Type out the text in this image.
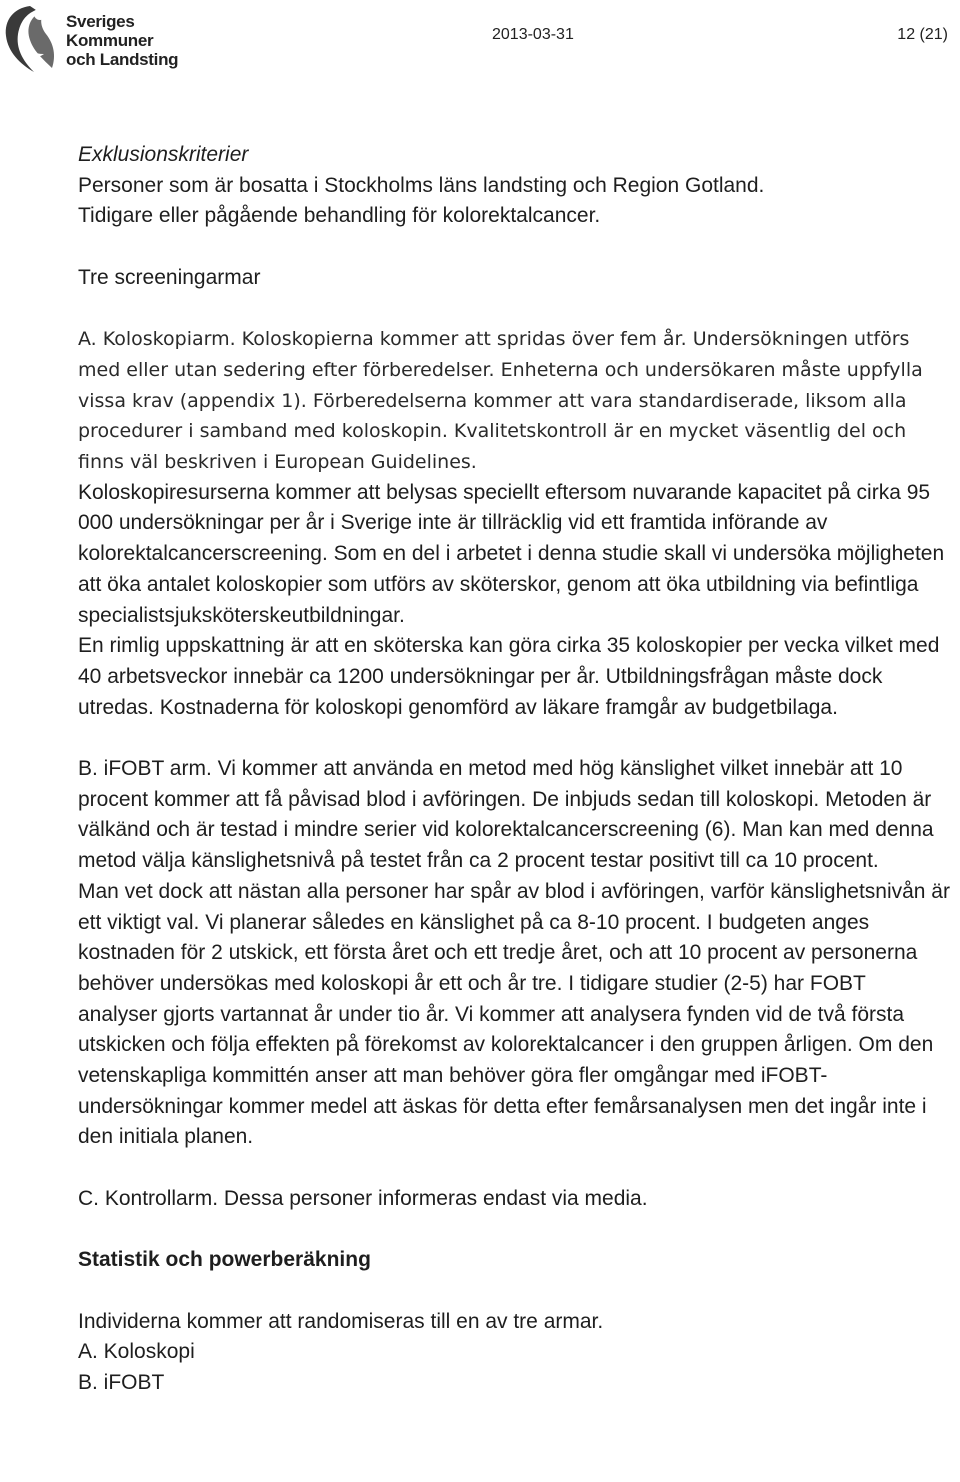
Sveriges
Kommuner
och Landsting
2013-03-31	12 (21)

Exklusionskriterier

Personer som är bosatta i Stockholms läns landsting och Region Gotland.

Tidigare eller pågående behandling för kolorektalcancer.

Tre screeningarmar

A. Koloskopiarm. Koloskopierna kommer att spridas över fem år. Undersökningen utförs med eller utan sedering efter förberedelser. Enheterna och undersökaren måste uppfylla vissa krav (appendix 1). Förberedelserna kommer att vara standardiserade, liksom alla procedurer i samband med koloskopin. Kvalitetskontroll är en mycket väsentlig del och finns väl beskriven i European Guidelines.

Koloskopiresurserna kommer att belysas speciellt eftersom nuvarande kapacitet på cirka 95 000 undersökningar per år i Sverige inte är tillräcklig vid ett framtida införande av kolorektalcancerscreening. Som en del i arbetet i denna studie skall vi undersöka möjligheten att öka antalet koloskopier som utförs av sköterskor, genom att öka utbildning via befintliga specialistsjuksköterskeutbildningar.

En rimlig uppskattning är att en sköterska kan göra cirka 35 koloskopier per vecka vilket med 40 arbetsveckor innebär ca 1200 undersökningar per år. Utbildningsfrågan måste dock utredas. Kostnaderna för koloskopi genomförd av läkare framgår av budgetbilaga.

B. iFOBT arm. Vi kommer att använda en metod med hög känslighet vilket innebär att 10 procent kommer att få påvisad blod i avföringen. De inbjuds sedan till koloskopi. Metoden är välkänd och är testad i mindre serier vid kolorektalcancerscreening (6). Man kan med denna metod välja känslighetsnivå på testet från ca 2 procent testar positivt till ca 10 procent.

Man vet dock att nästan alla personer har spår av blod i avföringen, varför känslighetsnivån är ett viktigt val. Vi planerar således en känslighet på ca 8-10 procent. I budgeten anges kostnaden för 2 utskick, ett första året och ett tredje året, och att 10 procent av personerna behöver undersökas med koloskopi år ett och år tre. I tidigare studier (2-5) har FOBT analyser gjorts vartannat år under tio år. Vi kommer att analysera fynden vid de två första utskicken och följa effekten på förekomst av kolorektalcancer i den gruppen årligen. Om den vetenskapliga kommittén anser att man behöver göra fler omgångar med iFOBT- undersökningar kommer medel att äskas för detta efter femårsanalysen men det ingår inte i den initiala planen.

C. Kontrollarm. Dessa personer informeras endast via media.

Statistik och powerberäkning

Individerna kommer att randomiseras till en av tre armar.

A. Koloskopi

B. iFOBT
